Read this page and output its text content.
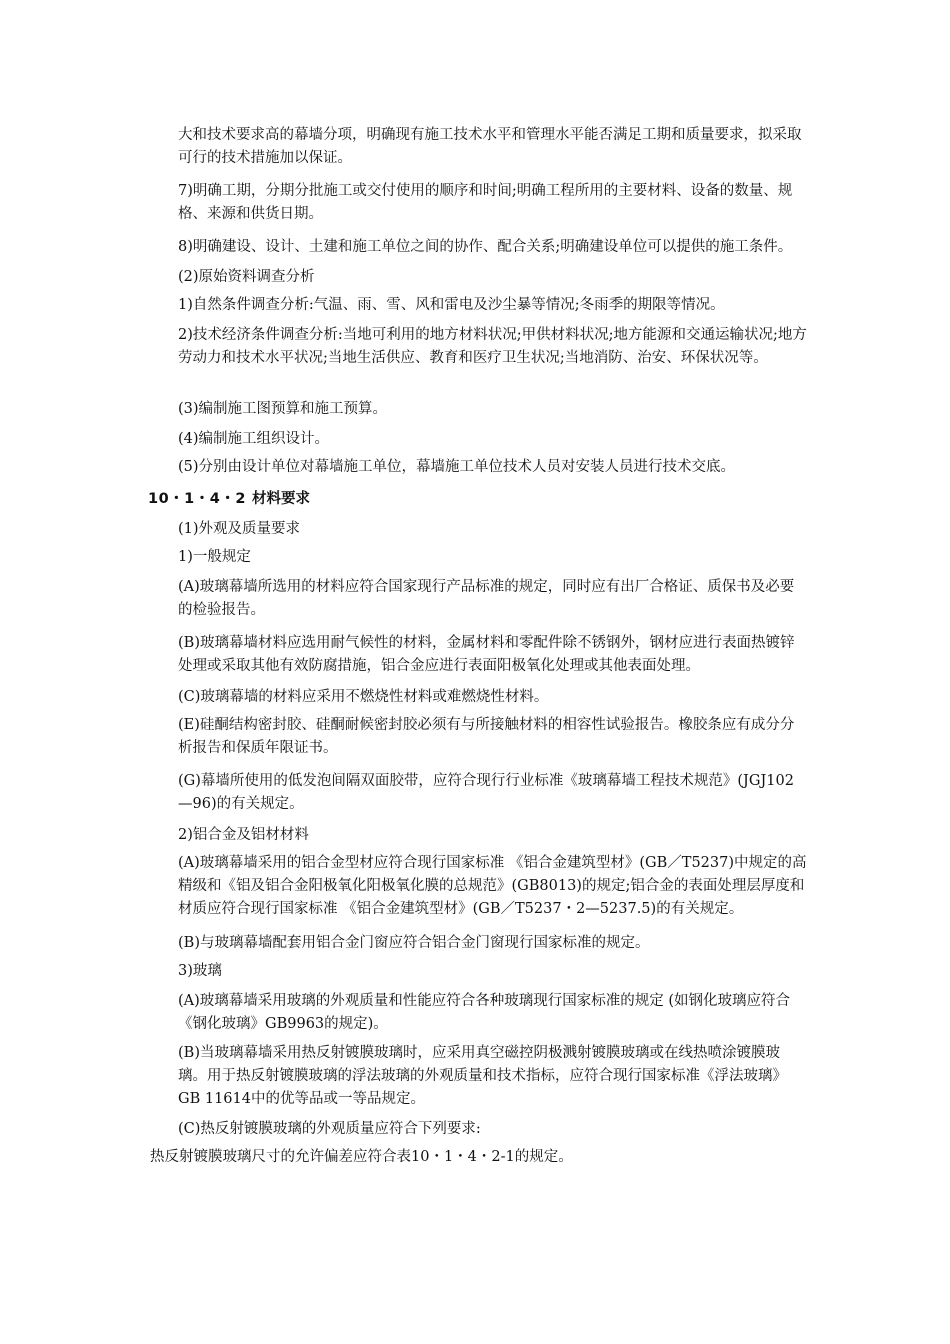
大和技术要求高的幕墙分项，明确现有施工技术水平和管理水平能否满足工期和质量要求，拟采取可行的技术措施加以保证。
7)明确工期，分期分批施工或交付使用的顺序和时间;明确工程所用的主要材料、设备的数量、规格、来源和供货日期。
8)明确建设、设计、土建和施工单位之间的协作、配合关系;明确建设单位可以提供的施工条件。
(2)原始资料调查分析
1)自然条件调查分析:气温、雨、雪、风和雷电及沙尘暴等情况;冬雨季的期限等情况。
2)技术经济条件调查分析:当地可利用的地方材料状况;甲供材料状况;地方能源和交通运输状况;地方劳动力和技术水平状况;当地生活供应、教育和医疗卫生状况;当地消防、治安、环保状况等。
(3)编制施工图预算和施工预算。
(4)编制施工组织设计。
(5)分别由设计单位对幕墙施工单位，幕墙施工单位技术人员对安装人员进行技术交底。
10・1・4・2 材料要求
(1)外观及质量要求
1)一般规定
(A)玻璃幕墙所选用的材料应符合国家现行产品标准的规定，同时应有出厂合格证、质保书及必要的检验报告。
(B)玻璃幕墙材料应选用耐气候性的材料，金属材料和零配件除不锈钢外，钢材应进行表面热镀锌处理或采取其他有效防腐措施，铝合金应进行表面阳极氧化处理或其他表面处理。
(C)玻璃幕墙的材料应采用不燃烧性材料或难燃烧性材料。
(E)硅酮结构密封胶、硅酮耐候密封胶必须有与所接触材料的相容性试验报告。橡胶条应有成分分析报告和保质年限证书。
(G)幕墙所使用的低发泡间隔双面胶带，应符合现行行业标准《玻璃幕墙工程技术规范》(JGJ102—96)的有关规定。
2)铝合金及铝材材料
(A)玻璃幕墙采用的铝合金型材应符合现行国家标准 《铝合金建筑型材》(GB／T5237)中规定的高精级和《铝及铝合金阳极氧化阳极氧化膜的总规范》(GB8013)的规定;铝合金的表面处理层厚度和材质应符合现行国家标准 《铝合金建筑型材》(GB／T5237・2—5237.5)的有关规定。
(B)与玻璃幕墙配套用铝合金门窗应符合铝合金门窗现行国家标准的规定。
3)玻璃
(A)玻璃幕墙采用玻璃的外观质量和性能应符合各种玻璃现行国家标准的规定 (如钢化玻璃应符合 《钢化玻璃》GB9963的规定)。
(B)当玻璃幕墙采用热反射镀膜玻璃时，应采用真空磁控阴极溅射镀膜玻璃或在线热喷涂镀膜玻璃。用于热反射镀膜玻璃的浮法玻璃的外观质量和技术指标，应符合现行国家标准《浮法玻璃》GB 11614中的优等品或一等品规定。
(C)热反射镀膜玻璃的外观质量应符合下列要求:
热反射镀膜玻璃尺寸的允许偏差应符合表10・1・4・2-1的规定。
